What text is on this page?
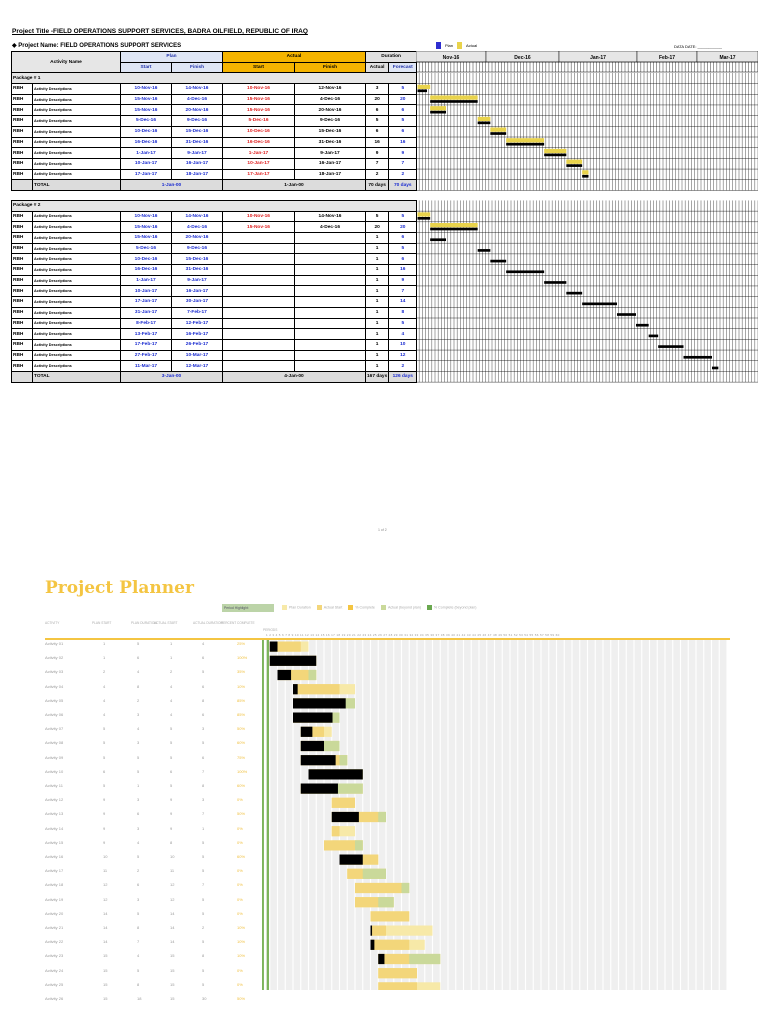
Project Title -FIELD OPERATIONS SUPPORT SERVICES, BADRA OILFIELD, REPUBLIC OF IRAQ
◆ Project Name: FIELD OPERATIONS SUPPORT SERVICES	Plan	Actual	DATA DATE: ___________
Activity Name		Plan		Actual		Duration	
		Start	Finish	Start	Finish	Actual	Forecast
Package # 1							
RBH	Activity Descriptions	10-Nov-16	14-Nov-16	10-Nov-16	12-Nov-16	3	5
RBH	Activity Descriptions	15-Nov-16	4-Dec-16	15-Nov-16	4-Dec-16	20	20
RBH	Activity Descriptions	15-Nov-16	20-Nov-16	15-Nov-16	20-Nov-16	6	6
RBH	Activity Descriptions	5-Dec-16	9-Dec-16	5-Dec-16	9-Dec-16	5	5
RBH	Activity Descriptions	10-Dec-16	15-Dec-16	10-Dec-16	15-Dec-16	6	6
RBH	Activity Descriptions	16-Dec-16	31-Dec-16	16-Dec-16	31-Dec-16	16	16
RBH	Activity Descriptions	1-Jan-17	9-Jan-17	1-Jan-17	9-Jan-17	9	9
RBH	Activity Descriptions	10-Jan-17	16-Jan-17	10-Jan-17	16-Jan-17	7	7
RBH	Activity Descriptions	17-Jan-17	18-Jan-17	17-Jan-17	18-Jan-17	2	2
	TOTAL	1-Jan-00		1-Jan-00		70 days	70 days

Package # 2							
RBH	Activity Descriptions	10-Nov-16	14-Nov-16	10-Nov-16	14-Nov-16	5	5
RBH	Activity Descriptions	15-Nov-16	4-Dec-16	15-Nov-16	4-Dec-16	20	20
RBH	Activity Descriptions	15-Nov-16	20-Nov-16			1	6
RBH	Activity Descriptions	5-Dec-16	9-Dec-16			1	5
RBH	Activity Descriptions	10-Dec-16	15-Dec-16			1	6
RBH	Activity Descriptions	16-Dec-16	31-Dec-16			1	16
RBH	Activity Descriptions	1-Jan-17	9-Jan-17			1	9
RBH	Activity Descriptions	10-Jan-17	16-Jan-17			1	7
RBH	Activity Descriptions	17-Jan-17	30-Jan-17			1	14
RBH	Activity Descriptions	31-Jan-17	7-Feb-17			1	8
RBH	Activity Descriptions	8-Feb-17	12-Feb-17			1	5
RBH	Activity Descriptions	13-Feb-17	16-Feb-17			1	4
RBH	Activity Descriptions	17-Feb-17	26-Feb-17			1	10
RBH	Activity Descriptions	27-Feb-17	10-Mar-17			1	12
RBH	Activity Descriptions	11-Mar-17	12-Mar-17			1	2
	TOTAL	3-Jan-00		4-Jan-00		167 days	126 days
Nov-16	Dec-16	Jan-17	Feb-17	Mar-17
1 of 2
Project Planner
Period Highlight:	Plan Duration	Actual Start	% Complete	Actual (beyond plan)	% Complete (beyond plan)
ACTIVITY	PLAN START	PLAN DURATION
ACTUAL START	ACTUAL DURATION
PERCENT COMPLETE
PERIODS
1 2 3 4 5 6 7 8 9 10 11 12 13 14 15 16 17 18 19 20 21 22 23 24 25 26 27 28 29 30 31 32 33 34 35 36 37 38 39 40 41 42 43 44 45 46 47 48 49 50 51 52 53 54 55 56 57 58 59 60
Activity 01	1	5	1	4	25%
Activity 02	1	6	1	6	100%
Activity 03	2	4	2	5	35%
Activity 04	4	8	4	6	10%
Activity 05	4	2	4	8	85%
Activity 06	4	3	4	6	85%
Activity 07	5	4	5	3	50%
Activity 08	5	3	5	5	60%
Activity 09	5	5	5	6	75%
Activity 10	6	5	6	7	100%
Activity 11	5	1	5	8	60%
Activity 12	9	3	9	3	0%
Activity 13	9	6	9	7	50%
Activity 14	9	3	9	1	0%
Activity 15	9	4	8	5	0%
Activity 16	10	5	10	5	60%
Activity 17	11	2	11	5	0%
Activity 18	12	6	12	7	0%
Activity 19	12	3	12	5	0%
Activity 20	14	5	14	5	0%
Activity 21	14	8	14	2	10%
Activity 22	14	7	14	5	10%
Activity 23	15	4	15	8	10%
Activity 24	15	5	15	5	0%
Activity 25	15	8	15	5	0%
Activity 26	15	18	15	30	50%
